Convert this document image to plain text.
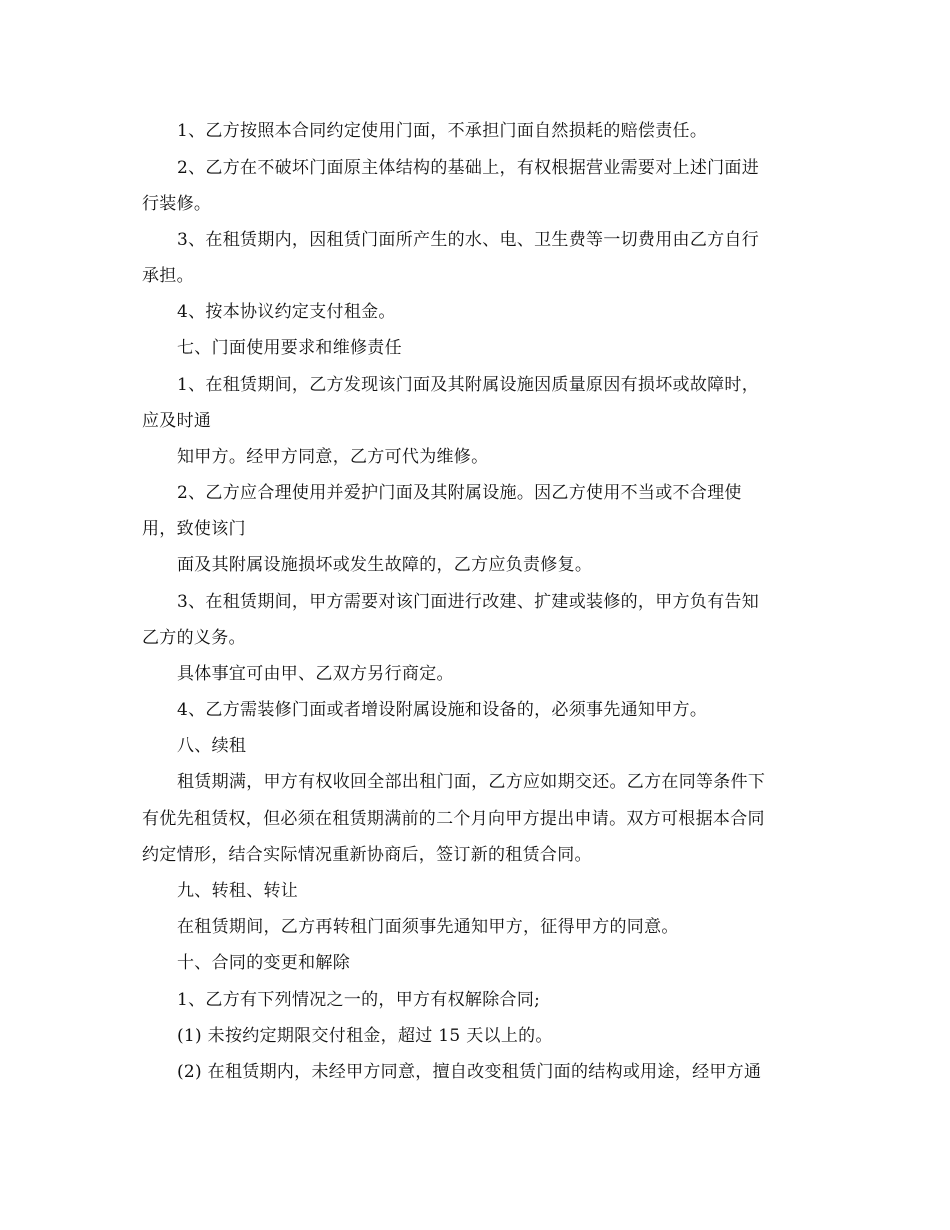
1、乙方按照本合同约定使用门面，不承担门面自然损耗的赔偿责任。
2、乙方在不破坏门面原主体结构的基础上，有权根据营业需要对上述门面进
行装修。
3、在租赁期内，因租赁门面所产生的水、电、卫生费等一切费用由乙方自行
承担。
4、按本协议约定支付租金。
七、门面使用要求和维修责任
1、在租赁期间，乙方发现该门面及其附属设施因质量原因有损坏或故障时，
应及时通
知甲方。经甲方同意，乙方可代为维修。
2、乙方应合理使用并爱护门面及其附属设施。因乙方使用不当或不合理使
用，致使该门
面及其附属设施损坏或发生故障的，乙方应负责修复。
3、在租赁期间，甲方需要对该门面进行改建、扩建或装修的，甲方负有告知
乙方的义务。
具体事宜可由甲、乙双方另行商定。
4、乙方需装修门面或者增设附属设施和设备的，必须事先通知甲方。
八、续租
租赁期满，甲方有权收回全部出租门面，乙方应如期交还。乙方在同等条件下
有优先租赁权，但必须在租赁期满前的二个月向甲方提出申请。双方可根据本合同
约定情形，结合实际情况重新协商后，签订新的租赁合同。
九、转租、转让
在租赁期间，乙方再转租门面须事先通知甲方，征得甲方的同意。
十、合同的变更和解除
1、乙方有下列情况之一的，甲方有权解除合同;
(1) 未按约定期限交付租金，超过 15 天以上的。
(2) 在租赁期内，未经甲方同意，擅自改变租赁门面的结构或用途，经甲方通
